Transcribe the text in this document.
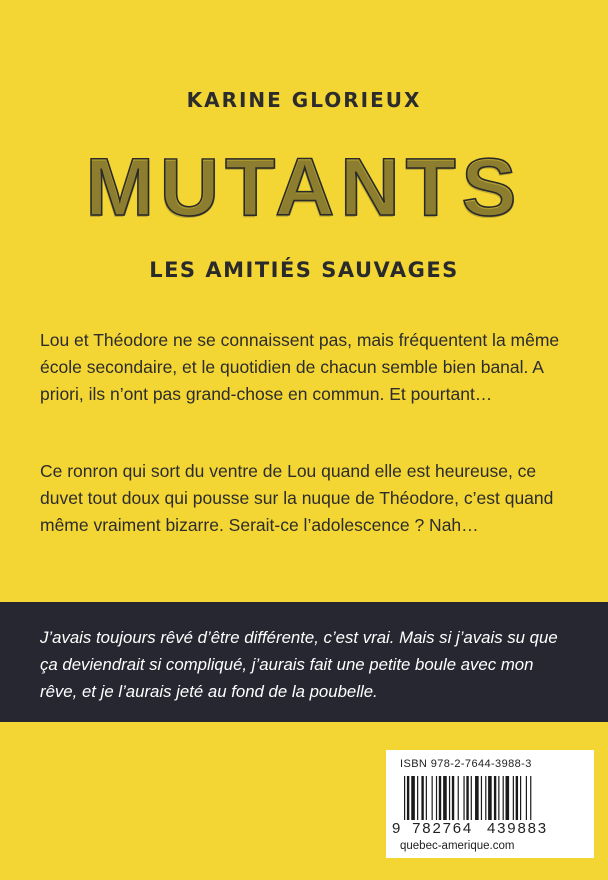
KARINE GLORIEUX
MUTANTS
LES AMITIÉS SAUVAGES

Lou et Théodore ne se connaissent pas, mais fréquentent la même école secondaire, et le quotidien de chacun semble bien banal. A priori, ils n’ont pas grand-chose en commun. Et pourtant…

Ce ronron qui sort du ventre de Lou quand elle est heureuse, ce duvet tout doux qui pousse sur la nuque de Théodore, c’est quand même vraiment bizarre. Serait-ce l’adolescence ? Nah…

J’avais toujours rêvé d’être différente, c’est vrai. Mais si j’avais su que ça deviendrait si compliqué, j’aurais fait une petite boule avec mon rêve, et je l’aurais jeté au fond de la poubelle.
ISBN 978-2-7644-3988-3
9 782764 439883
quebec-amerique.com
